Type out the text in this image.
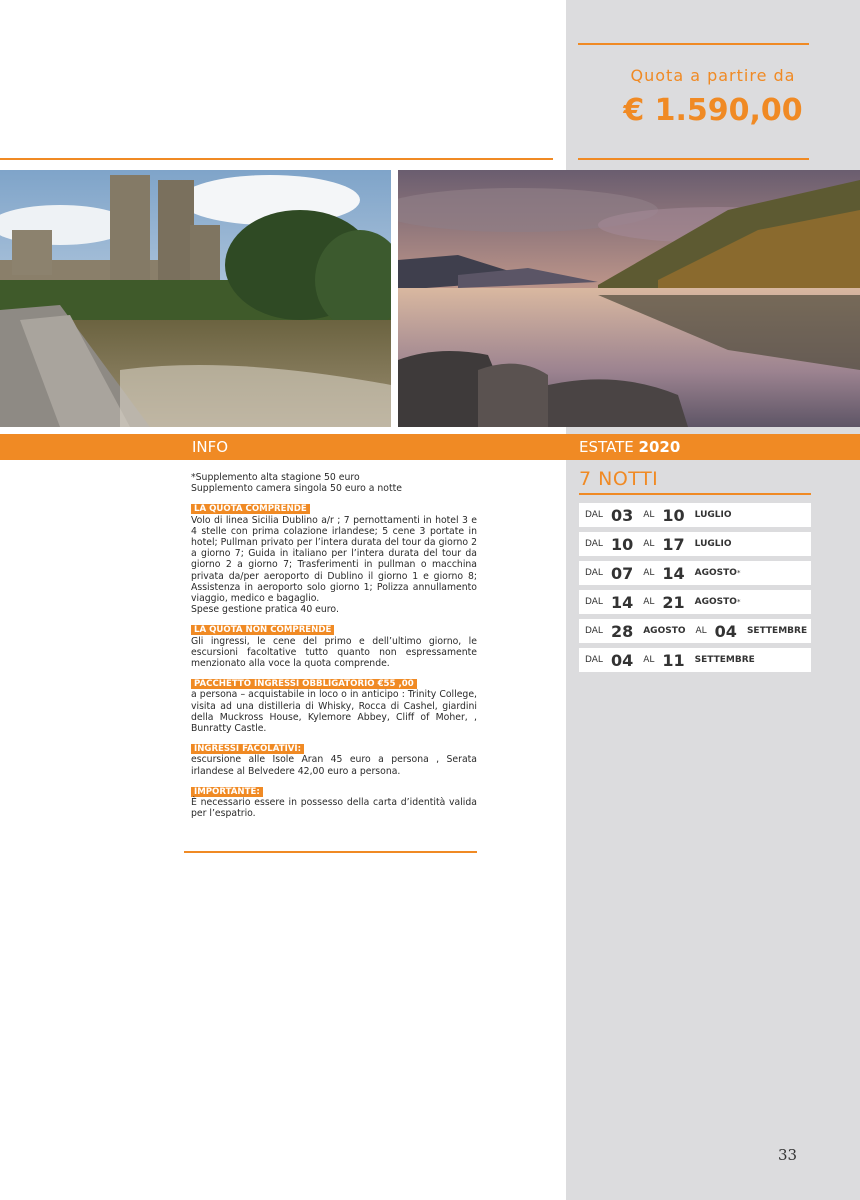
Quota a partire da
€ 1.590,00
INFO	ESTATE 2020

*Supplemento alta stagione 50 euro

Supplemento camera singola 50 euro a notte

LA QUOTA COMPRENDE

Volo di linea Sicilia Dublino a/r ; 7 pernottamenti in hotel 3 e 4 stelle con prima colazione irlandese; 5 cene 3 portate in hotel; Pullman privato per l’intera durata del tour da giorno 2 a giorno 7; Guida in italiano per l’intera durata del tour da giorno 2 a giorno 7; Trasferimenti in pullman o macchina privata da/per aeroporto di Dublino il giorno 1 e giorno 8; Assistenza in aeroporto solo giorno 1; Polizza annullamento viaggio, medico e bagaglio.

Spese gestione pratica 40 euro.

LA QUOTA NON COMPRENDE

Gli ingressi, le cene del primo e dell’ultimo giorno, le escursioni facoltative tutto quanto non espressamente menzionato alla voce la quota comprende.

PACCHETTO INGRESSI OBBLIGATORIO €55 ,00

a persona – acquistabile in loco o in anticipo : Trinity College, visita ad una distilleria di Whisky, Rocca di Cashel, giardini della Muckross House, Kylemore Abbey, Cliff of Moher, , Bunratty Castle.

INGRESSI FACOLATIVI:

escursione alle Isole Aran 45 euro a persona , Serata irlandese al Belvedere 42,00 euro a persona.

IMPORTANTE:

È necessario essere in possesso della carta d’identità valida per l’espatrio.

7 NOTTI
DAL 03 AL 10 LUGLIO
DAL 10 AL 17 LUGLIO
DAL 07 AL 14 AGOSTO *
DAL 14 AL 21 AGOSTO *
DAL 28 AGOSTO AL 04 SETTEMBRE
DAL 04 AL 11 SETTEMBRE
33
